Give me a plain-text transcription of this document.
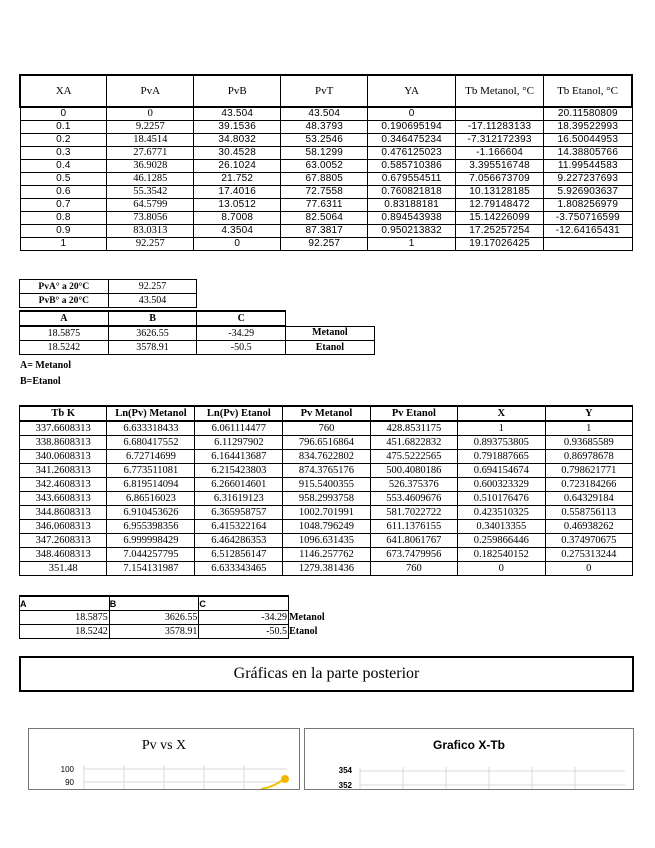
XA	PvA	PvB	PvT	YA	Tb Metanol, °C	Tb Etanol, °C
0	0	43.504	43.504	0		20.11580809
0.1	9.2257	39.1536	48.3793	0.190695194	-17.11283133	18.39522993
0.2	18.4514	34.8032	53.2546	0.346475234	-7.312172393	16.50044953
0.3	27.6771	30.4528	58.1299	0.476125023	-1.166604	14.38805766
0.4	36.9028	26.1024	63.0052	0.585710386	3.395516748	11.99544583
0.5	46.1285	21.752	67.8805	0.679554511	7.056673709	9.227237693
0.6	55.3542	17.4016	72.7558	0.760821818	10.13128185	5.926903637
0.7	64.5799	13.0512	77.6311	0.83188181	12.79148472	1.808256979
0.8	73.8056	8.7008	82.5064	0.894543938	15.14226099	-3.750716599
0.9	83.0313	4.3504	87.3817	0.950213832	17.25257254	-12.64165431
1	92.257	0	92.257	1	19.17026425	
PvA° a 20°C	92.257
PvB° a 20°C	43.504
A	B	C	
18.5875	3626.55	-34.29	Metanol
18.5242	3578.91	-50.5	Etanol
A= Metanol
B=Etanol
Tb K	Ln(Pv) Metanol	Ln(Pv) Etanol	Pv Metanol	Pv Etanol	X	Y
337.6608313	6.633318433	6.061114477	760	428.8531175	1	1
338.8608313	6.680417552	6.11297902	796.6516864	451.6822832	0.893753805	0.93685589
340.0608313	6.72714699	6.164413687	834.7622802	475.5222565	0.791887665	0.86978678
341.2608313	6.773511081	6.215423803	874.3765176	500.4080186	0.694154674	0.798621771
342.4608313	6.819514094	6.266014601	915.5400355	526.375376	0.600323329	0.723184266
343.6608313	6.86516023	6.31619123	958.2993758	553.4609676	0.510176476	0.64329184
344.8608313	6.910453626	6.365958757	1002.701991	581.7022722	0.423510325	0.558756113
346.0608313	6.955398356	6.415322164	1048.796249	611.1376155	0.34013355	0.46938262
347.2608313	6.999998429	6.464286353	1096.631435	641.8061767	0.259866446	0.374970675
348.4608313	7.044257795	6.512856147	1146.257762	673.7479956	0.182540152	0.275313244
351.48	7.154131987	6.633343465	1279.381436	760	0	0
A	B	C	
18.5875	3626.55	-34.29	Metanol
18.5242	3578.91	-50.5	Etanol
Gráficas en la parte posterior
Pv vs X
100
90
Grafico X-Tb
354
352
